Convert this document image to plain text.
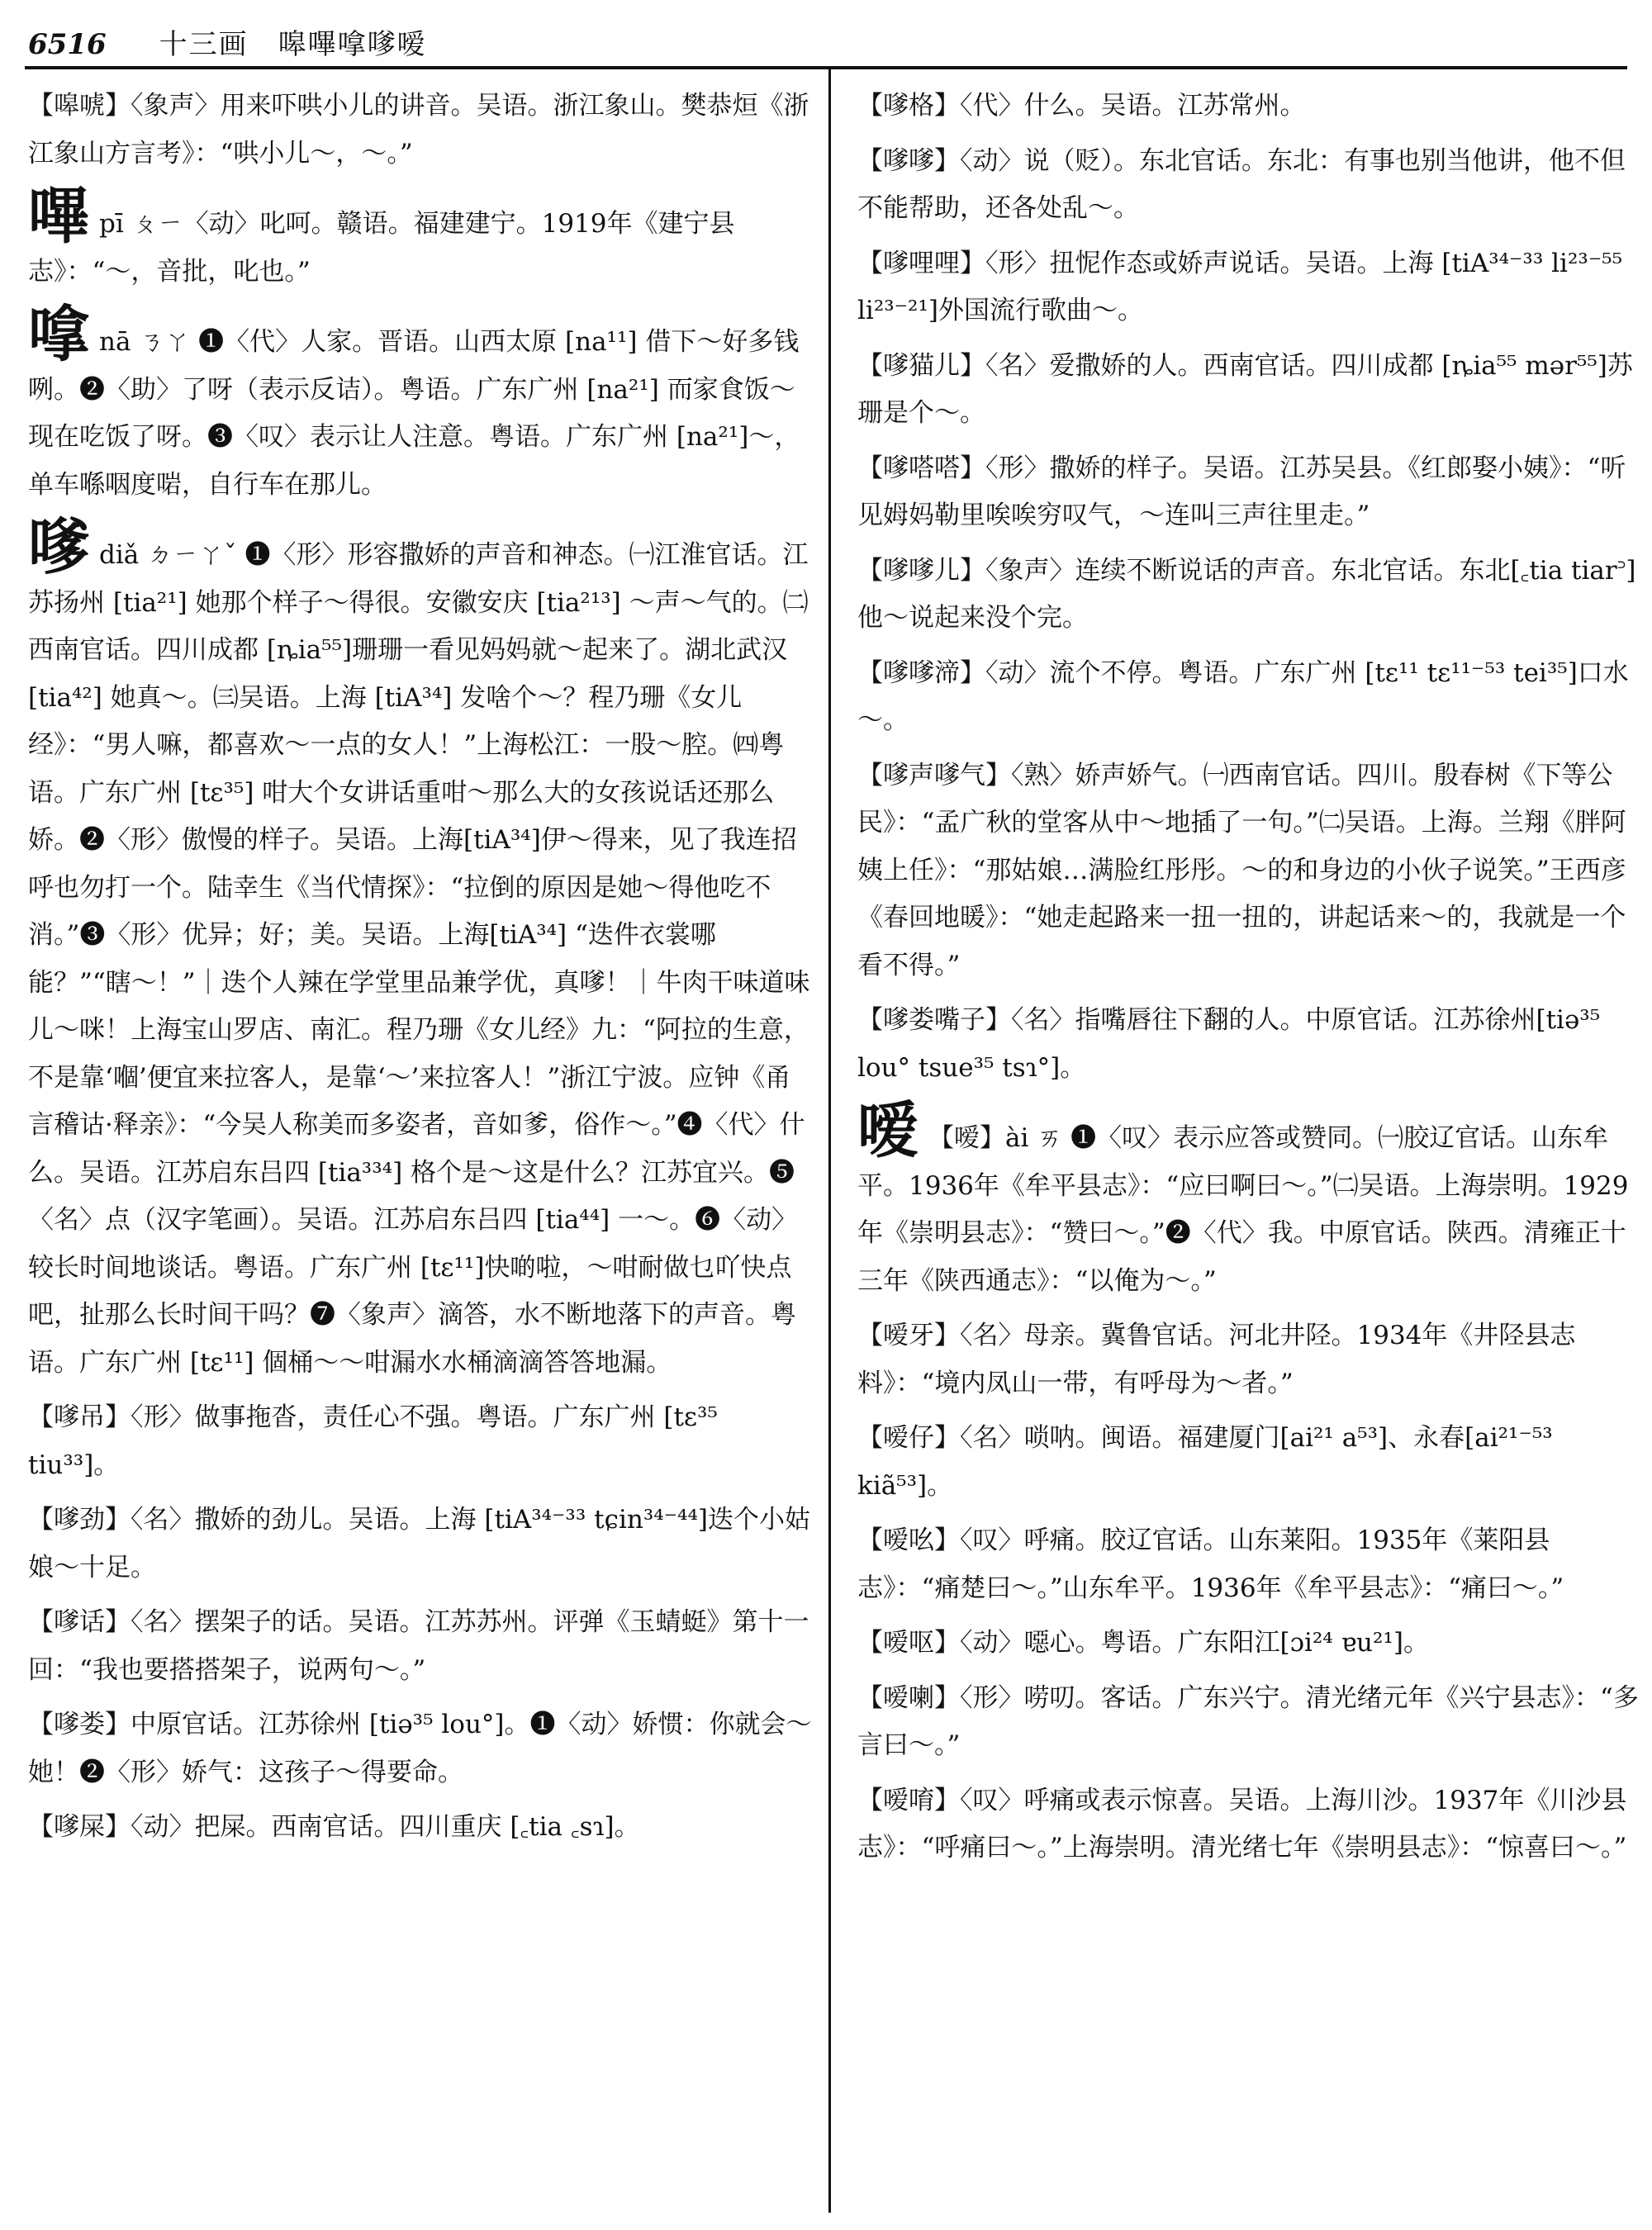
6516 十三画　嗥嗶嗱嗲嗳

【嗥唬】〈象声〉用来吓哄小儿的讲音。吴语。浙江象山。樊恭烜《浙江象山方言考》：“哄小儿～，～。”

嗶pī ㄆㄧ〈动〉叱呵。赣语。福建建宁。1919年《建宁县志》：“～，音批，叱也。”

嗱nā ㄋㄚ ❶〈代〉人家。晋语。山西太原 [na¹¹] 借下～好多钱咧。❷〈助〉了呀（表示反诘）。粤语。广东广州 [na²¹] 而家食饭～现在吃饭了呀。❸〈叹〉表示让人注意。粤语。广东广州 [na²¹]～，单车喺咽度啱，自行车在那儿。

嗲diǎ ㄉㄧㄚˇ ❶〈形〉形容撒娇的声音和神态。㈠江淮官话。江苏扬州 [tia²¹] 她那个样子～得很。安徽安庆 [tia²¹³] ～声～气的。㈡西南官话。四川成都 [ȵia⁵⁵]珊珊一看见妈妈就～起来了。湖北武汉[tia⁴²] 她真～。㈢吴语。上海 [tiA³⁴] 发啥个～？程乃珊《女儿经》：“男人嘛，都喜欢～一点的女人！”上海松江：一股～腔。㈣粤语。广东广州 [tɛ³⁵] 咁大个女讲话重咁～那么大的女孩说话还那么娇。❷〈形〉傲慢的样子。吴语。上海[tiA³⁴]伊～得来，见了我连招呼也勿打一个。陆幸生《当代情探》：“拉倒的原因是她～得他吃不消。”❸〈形〉优异；好；美。吴语。上海[tiA³⁴] “迭件衣裳哪能？”“瞎～！”｜迭个人辣在学堂里品兼学优，真嗲！｜牛肉干味道味儿～咪！上海宝山罗店、南汇。程乃珊《女儿经》九：“阿拉的生意，不是靠‘嗰’便宜来拉客人，是靠‘～’来拉客人！”浙江宁波。应钟《甬言稽诂·释亲》：“今吴人称美而多姿者，音如爹，俗作～。”❹〈代〉什么。吴语。江苏启东吕四 [tia³³⁴] 格个是～这是什么？江苏宜兴。❺〈名〉点（汉字笔画）。吴语。江苏启东吕四 [tia⁴⁴] 一～。❻〈动〉较长时间地谈话。粤语。广东广州 [tɛ¹¹]快啲啦，～咁耐做乜吖快点吧，扯那么长时间干吗？❼〈象声〉滴答，水不断地落下的声音。粤语。广东广州 [tɛ¹¹] 個桶～～咁漏水水桶滴滴答答地漏。

【嗲吊】〈形〉做事拖沓，责任心不强。粤语。广东广州 [tɛ³⁵ tiu³³]。

【嗲劲】〈名〉撒娇的劲儿。吴语。上海 [tiA³⁴⁻³³ tɕin³⁴⁻⁴⁴]迭个小姑娘～十足。

【嗲话】〈名〉摆架子的话。吴语。江苏苏州。评弹《玉蜻蜓》第十一回：“我也要搭搭架子，说两句～。”

【嗲娄】中原官话。江苏徐州 [tiə³⁵ lou°]。❶〈动〉娇惯：你就会～她！❷〈形〉娇气：这孩子～得要命。

【嗲屎】〈动〉把屎。西南官话。四川重庆 [꜀tia ꜀sɿ]。

【嗲格】〈代〉什么。吴语。江苏常州。

【嗲嗲】〈动〉说（贬）。东北官话。东北：有事也别当他讲，他不但不能帮助，还各处乱～。

【嗲哩哩】〈形〉扭怩作态或娇声说话。吴语。上海 [tiA³⁴⁻³³ li²³⁻⁵⁵ li²³⁻²¹]外国流行歌曲～。

【嗲猫儿】〈名〉爱撒娇的人。西南官话。四川成都 [ȵia⁵⁵ mər⁵⁵]苏珊是个～。

【嗲嗒嗒】〈形〉撒娇的样子。吴语。江苏吴县。《红郎娶小姨》：“听见姆妈勒里唉唉穷叹气，～连叫三声往里走。”

【嗲嗲儿】〈象声〉连续不断说话的声音。东北官话。东北[꜀tia tiar꜄] 他～说起来没个完。

【嗲嗲渧】〈动〉流个不停。粤语。广东广州 [tɛ¹¹ tɛ¹¹⁻⁵³ tei³⁵]口水～。

【嗲声嗲气】〈熟〉娇声娇气。㈠西南官话。四川。殷春树《下等公民》：“孟广秋的堂客从中～地插了一句。”㈡吴语。上海。兰翔《胖阿姨上任》：“那姑娘…满脸红彤彤。～的和身边的小伙子说笑。”王西彦《春回地暖》：“她走起路来一扭一扭的，讲起话来～的，我就是一个看不得。”

【嗲娄嘴子】〈名〉指嘴唇往下翻的人。中原官话。江苏徐州[tiə³⁵ lou° tsue³⁵ tsɿ°]。

嗳 【嗳】ài ㄞ ❶〈叹〉表示应答或赞同。㈠胶辽官话。山东牟平。1936年《牟平县志》：“应曰啊曰～。”㈡吴语。上海崇明。1929年《崇明县志》：“赞曰～。”❷〈代〉我。中原官话。陕西。清雍正十三年《陕西通志》：“以俺为～。”

【嗳牙】〈名〉母亲。冀鲁官话。河北井陉。1934年《井陉县志料》：“境内凤山一带，有呼母为～者。”

【嗳仔】〈名〉唢呐。闽语。福建厦门[ai²¹ a⁵³]、永春[ai²¹⁻⁵³ kiã⁵³]。

【嗳吆】〈叹〉呼痛。胶辽官话。山东莱阳。1935年《莱阳县志》：“痛楚曰～。”山东牟平。1936年《牟平县志》：“痛曰～。”

【嗳呕】〈动〉噁心。粤语。广东阳江[ɔi²⁴ ɐu²¹]。

【嗳喇】〈形〉唠叨。客话。广东兴宁。清光绪元年《兴宁县志》：“多言曰～。”

【嗳唷】〈叹〉呼痛或表示惊喜。吴语。上海川沙。1937年《川沙县志》：“呼痛曰～。”上海崇明。清光绪七年《崇明县志》：“惊喜曰～。”
